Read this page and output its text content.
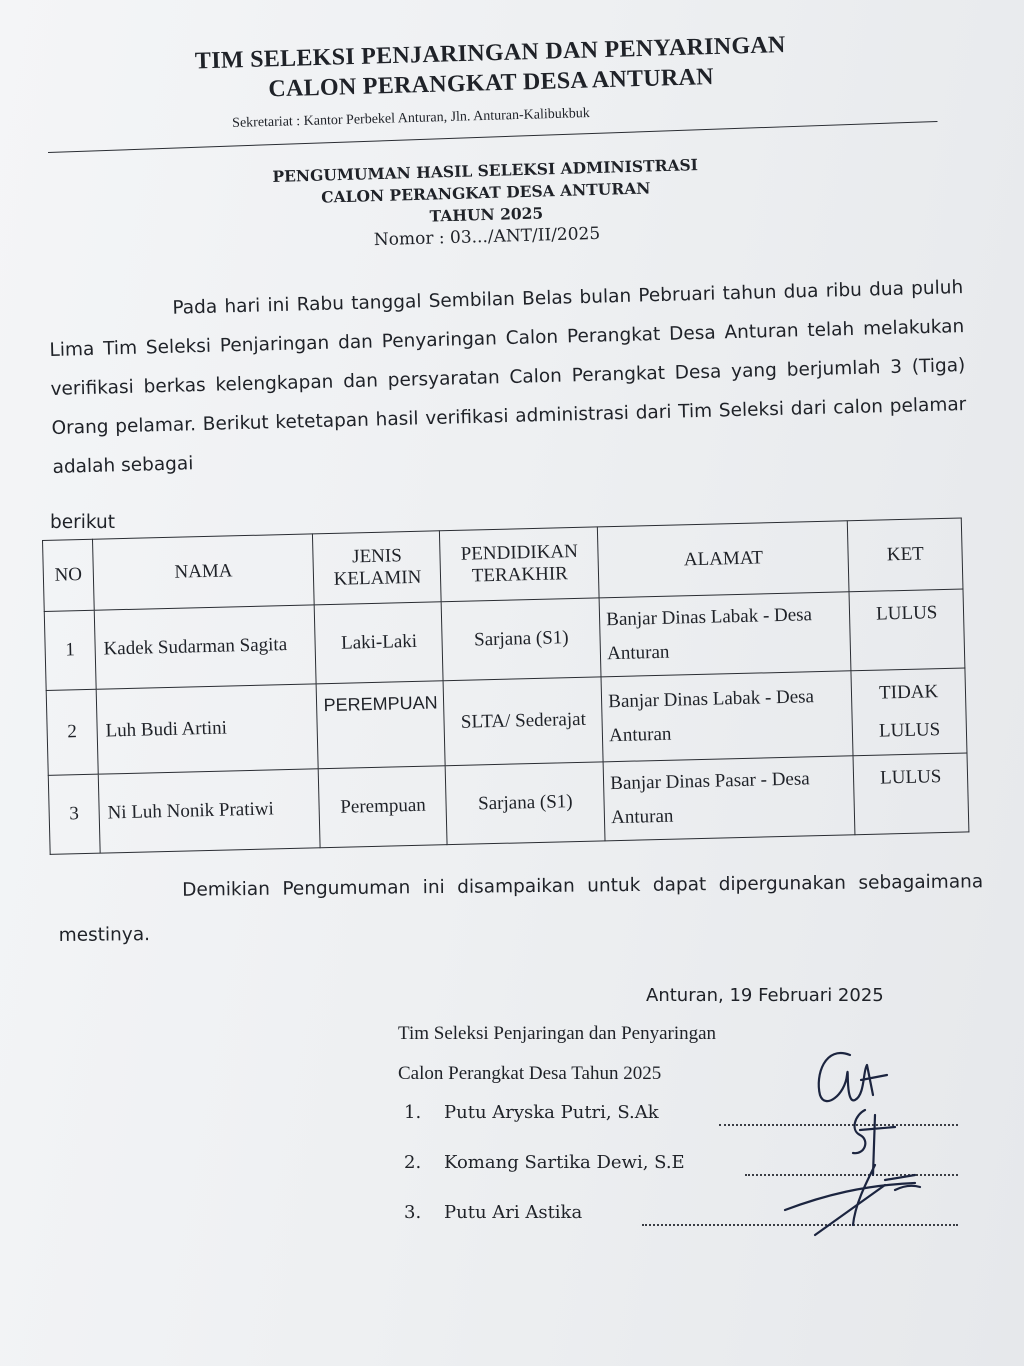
TIM SELEKSI PENJARINGAN DAN PENYARINGAN
CALON PERANGKAT DESA ANTURAN
Sekretariat : Kantor Perbekel Anturan, Jln. Anturan-Kalibukbuk
PENGUMUMAN HASIL SELEKSI ADMINISTRASI
CALON PERANGKAT DESA ANTURAN
TAHUN 2025
Nomor : 03.../ANT/II/2025
Pada hari ini Rabu tanggal Sembilan Belas bulan Pebruari tahun dua ribu dua puluh Lima Tim Seleksi Penjaringan dan Penyaringan Calon Perangkat Desa Anturan telah melakukan verifikasi berkas kelengkapan dan persyaratan Calon Perangkat Desa yang berjumlah 3 (Tiga) Orang pelamar. Berikut ketetapan hasil verifikasi administrasi dari Tim Seleksi dari calon pelamar adalah sebagai
berikut
NO	NAMA	JENIS KELAMIN	PENDIDIKAN TERAKHIR	ALAMAT	KET
1	Kadek Sudarman Sagita	Laki-Laki	Sarjana (S1)	Banjar Dinas Labak - Desa Anturan	LULUS
2	Luh Budi Artini	PEREMPUAN	SLTA/ Sederajat	Banjar Dinas Labak - Desa Anturan	TIDAK LULUS
3	Ni Luh Nonik Pratiwi	Perempuan	Sarjana (S1)	Banjar Dinas Pasar - Desa Anturan	LULUS
Demikian Pengumuman ini disampaikan untuk dapat dipergunakan sebagaimana mestinya.
Anturan, 19 Februari 2025
Tim Seleksi Penjaringan dan Penyaringan
Calon Perangkat Desa Tahun 2025
1.	Putu Aryska Putri, S.Ak
2.	Komang Sartika Dewi, S.E
3.	Putu Ari Astika
